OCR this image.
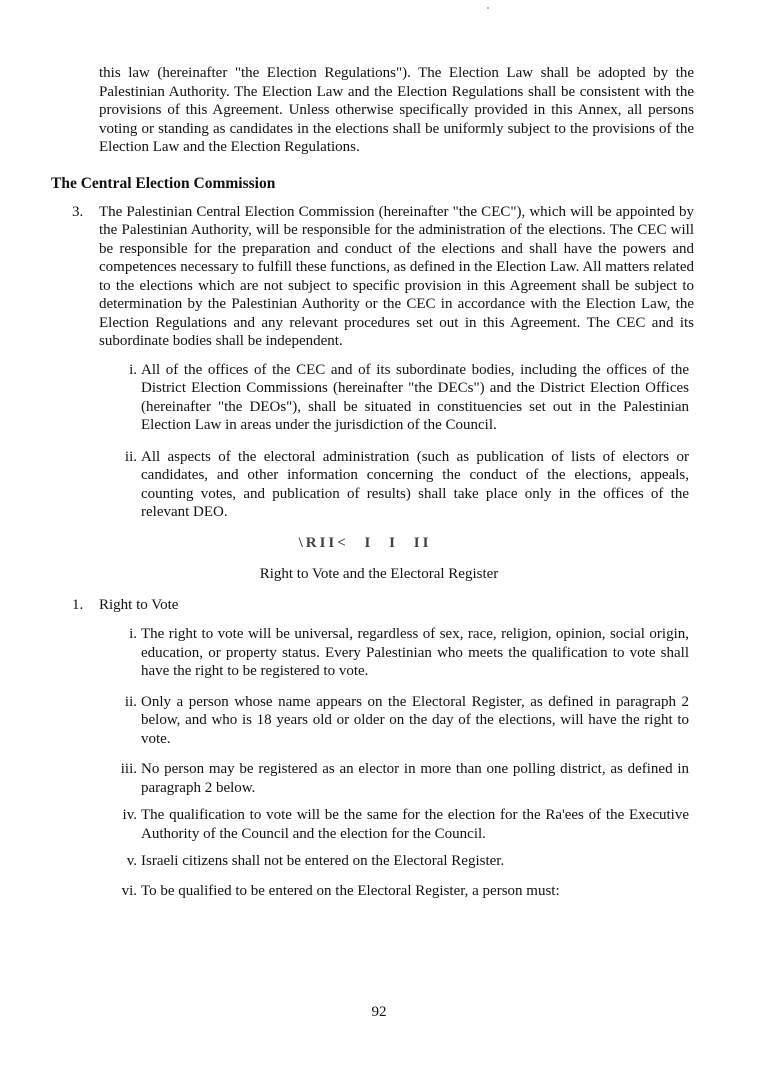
this law (hereinafter "the Election Regulations"). The Election Law shall be adopted by the Palestinian Authority. The Election Law and the Election Regulations shall be consistent with the provisions of this Agreement. Unless otherwise specifically provided in this Annex, all persons voting or standing as candidates in the elections shall be uniformly subject to the provisions of the Election Law and the Election Regulations.

The Central Election Commission
3.	The Palestinian Central Election Commission (hereinafter "the CEC"), which will be appointed by the Palestinian Authority, will be responsible for the administration of the elections. The CEC will be responsible for the preparation and conduct of the elections and shall have the powers and competences necessary to fulfill these functions, as defined in the Election Law. All matters related to the elections which are not subject to specific provision in this Agreement shall be subject to determination by the Palestinian Authority or the CEC in accordance with the Election Law, the Election Regulations and any relevant procedures set out in this Agreement. The CEC and its subordinate bodies shall be independent.

i. All of the offices of the CEC and of its subordinate bodies, including the offices of the District Election Commissions (hereinafter "the DECs") and the District Election Offices (hereinafter "the DEOs"), shall be situated in constituencies set out in the Palestinian Election Law in areas under the jurisdiction of the Council.

ii. All aspects of the electoral administration (such as publication of lists of electors or candidates, and other information concerning the conduct of the elections, appeals, counting votes, and publication of results) shall take place only in the offices of the relevant DEO.

\RII< I I II
Right to Vote and the Electoral Register
1.	Right to Vote

i. The right to vote will be universal, regardless of sex, race, religion, opinion, social origin, education, or property status. Every Palestinian who meets the qualification to vote shall have the right to be registered to vote.

ii. Only a person whose name appears on the Electoral Register, as defined in paragraph 2 below, and who is 18 years old or older on the day of the elections, will have the right to vote.

iii. No person may be registered as an elector in more than one polling district, as defined in paragraph 2 below.

iv. The qualification to vote will be the same for the election for the Ra'ees of the Executive Authority of the Council and the election for the Council.

v. Israeli citizens shall not be entered on the Electoral Register.

vi. To be qualified to be entered on the Electoral Register, a person must:

92
